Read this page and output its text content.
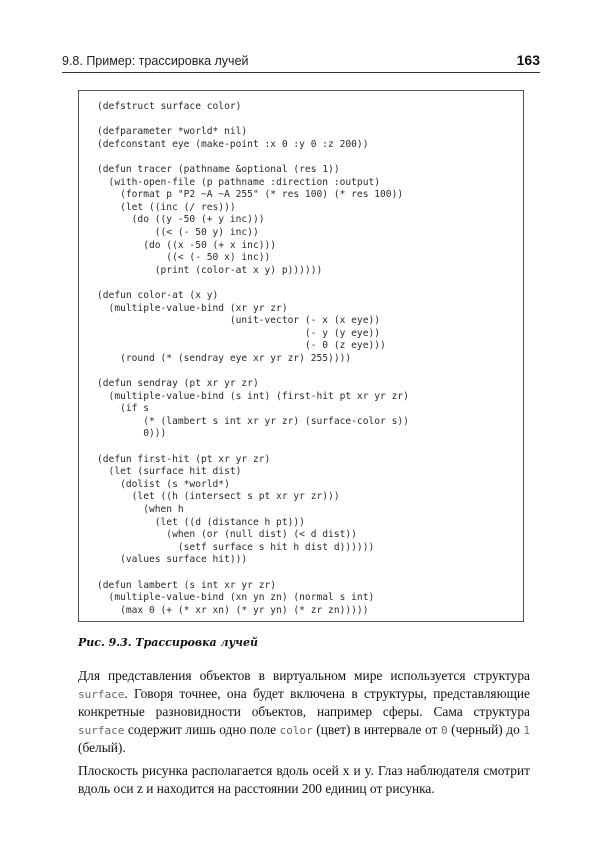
9.8. Пример: трассировка лучей	163
(defstruct surface color)
(defparameter *world* nil)
(defconstant eye (make-point :x 0 :y 0 :z 200))
(defun tracer (pathname &optional (res 1))
(with-open-file (p pathname :direction :output)
(format p "P2 ~A ~A 255" (* res 100) (* res 100))
(let ((inc (/ res)))
(do ((y -50 (+ y inc)))
((< (- 50 y) inc))
(do ((x -50 (+ x inc)))
((< (- 50 x) inc))
(print (color-at x y) p))))))
(defun color-at (x y)
(multiple-value-bind (xr yr zr)
(unit-vector (- x (x eye))
(- y (y eye))
(- 0 (z eye)))
(round (* (sendray eye xr yr zr) 255))))
(defun sendray (pt xr yr zr)
(multiple-value-bind (s int) (first-hit pt xr yr zr)
(if s
(* (lambert s int xr yr zr) (surface-color s))
0)))
(defun first-hit (pt xr yr zr)
(let (surface hit dist)
(dolist (s *world*)
(let ((h (intersect s pt xr yr zr)))
(when h
(let ((d (distance h pt)))
(when (or (null dist) (< d dist))
(setf surface s hit h dist d))))))
(values surface hit)))
(defun lambert (s int xr yr zr)
(multiple-value-bind (xn yn zn) (normal s int)
(max 0 (+ (* xr xn) (* yr yn) (* zr zn)))))
Рис. 9.3. Трассировка лучей

Для представления объектов в виртуальном мире используется структура surface. Говоря точнее, она будет включена в структуры, представляющие конкретные разновидности объектов, например сферы. Сама структура surface содержит лишь одно поле color (цвет) в интервале от 0 (черный) до 1 (белый).

Плоскость рисунка располагается вдоль осей x и y. Глаз наблюдателя смотрит вдоль оси z и находится на расстоянии 200 единиц от рисунка.
